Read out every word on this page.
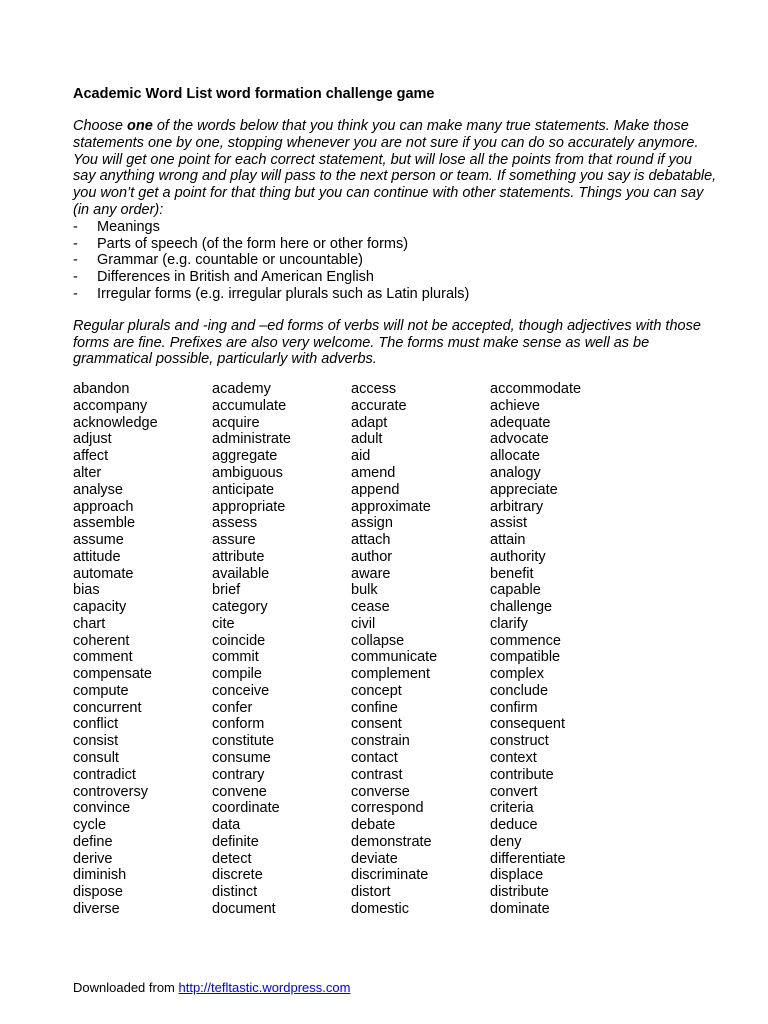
Academic Word List word formation challenge game

Choose one of the words below that you think you can make many true statements. Make those statements one by one, stopping whenever you are not sure if you can do so accurately anymore. You will get one point for each correct statement, but will lose all the points from that round if you say anything wrong and play will pass to the next person or team. If something you say is debatable, you won’t get a point for that thing but you can continue with other statements. Things you can say (in any order):

-	Meanings
-	Parts of speech (of the form here or other forms)
-	Grammar (e.g. countable or uncountable)
-	Differences in British and American English
-	Irregular forms (e.g. irregular plurals such as Latin plurals)

Regular plurals and -ing and –ed forms of verbs will not be accepted, though adjectives with those forms are fine. Prefixes are also very welcome. The forms must make sense as well as be grammatical possible, particularly with adverbs.

abandon	academy	access	accommodate
accompany	accumulate	accurate	achieve
acknowledge	acquire	adapt	adequate
adjust	administrate	adult	advocate
affect	aggregate	aid	allocate
alter	ambiguous	amend	analogy
analyse	anticipate	append	appreciate
approach	appropriate	approximate	arbitrary
assemble	assess	assign	assist
assume	assure	attach	attain
attitude	attribute	author	authority
automate	available	aware	benefit
bias	brief	bulk	capable
capacity	category	cease	challenge
chart	cite	civil	clarify
coherent	coincide	collapse	commence
comment	commit	communicate	compatible
compensate	compile	complement	complex
compute	conceive	concept	conclude
concurrent	confer	confine	confirm
conflict	conform	consent	consequent
consist	constitute	constrain	construct
consult	consume	contact	context
contradict	contrary	contrast	contribute
controversy	convene	converse	convert
convince	coordinate	correspond	criteria
cycle	data	debate	deduce
define	definite	demonstrate	deny
derive	detect	deviate	differentiate
diminish	discrete	discriminate	displace
dispose	distinct	distort	distribute
diverse	document	domestic	dominate
Downloaded from http://tefltastic.wordpress.com
